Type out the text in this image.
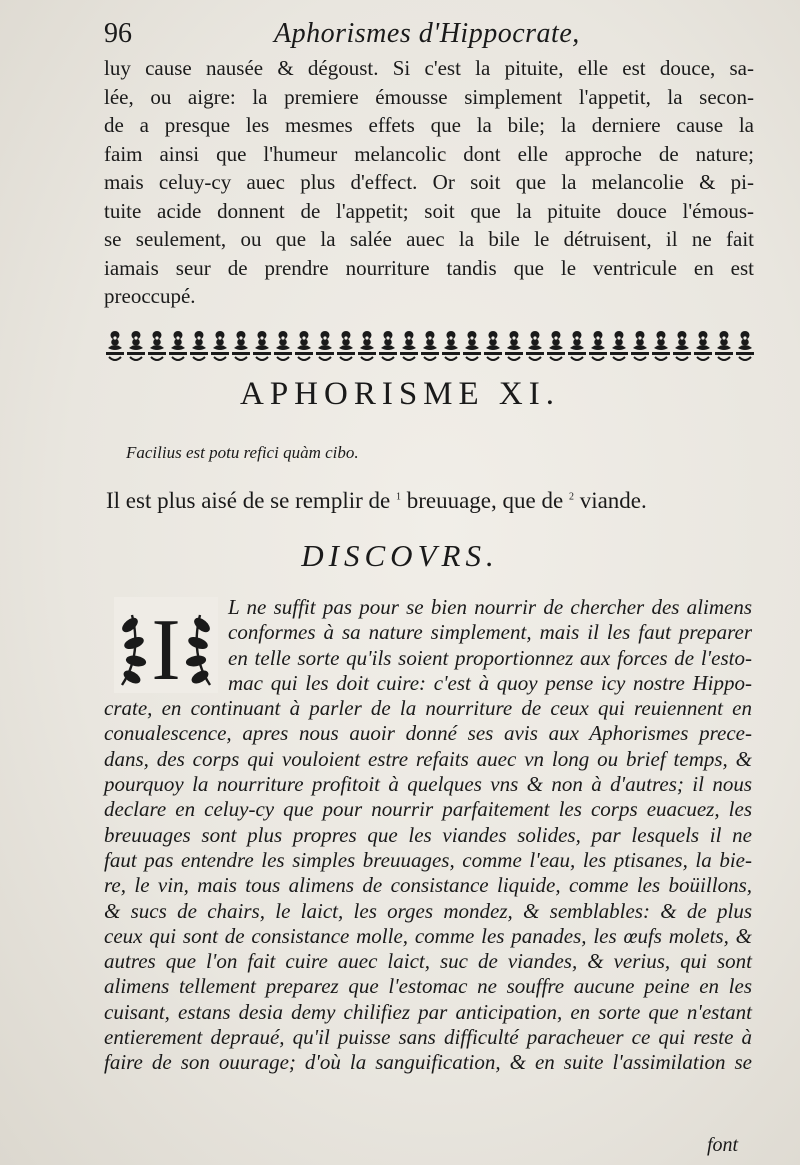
96	Aphorismes d'Hippocrate,
luy cause nausée & dégoust. Si c'est la pituite, elle est douce, sa-
lée, ou aigre: la premiere émousse simplement l'appetit, la secon-
de a presque les mesmes effets que la bile; la derniere cause la
faim ainsi que l'humeur melancolic dont elle approche de nature;
mais celuy-cy auec plus d'effect. Or soit que la melancolie & pi-
tuite acide donnent de l'appetit; soit que la pituite douce l'émous-
se seulement, ou que la salée auec la bile le détruisent, il ne fait
iamais seur de prendre nourriture tandis que le ventricule en est
preoccupé.
APHORISME XI.
Facilius est potu refici quàm cibo.
Il est plus aisé de se remplir de $^1$ breuuage, que de $^2$ viande.
DISCOVRS.
I	L ne suffit pas pour se bien nourrir de chercher des alimens
conformes à sa nature simplement, mais il les faut preparer
en telle sorte qu'ils soient proportionnez aux forces de l'esto-
mac qui les doit cuire: c'est à quoy pense icy nostre Hippo-
crate, en continuant à parler de la nourriture de ceux qui reuiennent en
conualescence, apres nous auoir donné ses avis aux Aphorismes prece-
dans, des corps qui vouloient estre refaits auec vn long ou brief temps, &
pourquoy la nourriture profitoit à quelques vns & non à d'autres; il nous
declare en celuy-cy que pour nourrir parfaitement les corps euacuez, les
breuuages sont plus propres que les viandes solides, par lesquels il ne
faut pas entendre les simples breuuages, comme l'eau, les ptisanes, la bie-
re, le vin, mais tous alimens de consistance liquide, comme les boüillons,
& sucs de chairs, le laict, les orges mondez, & semblables: & de plus
ceux qui sont de consistance molle, comme les panades, les œufs molets, &
autres que l'on fait cuire auec laict, suc de viandes, & verius, qui sont
alimens tellement preparez que l'estomac ne souffre aucune peine en les
cuisant, estans desia demy chilifiez par anticipation, en sorte que n'estant
entierement depraué, qu'il puisse sans difficulté paracheuer ce qui reste à
faire de son ouurage; d'où la sanguification, & en suite l'assimilation se
font
